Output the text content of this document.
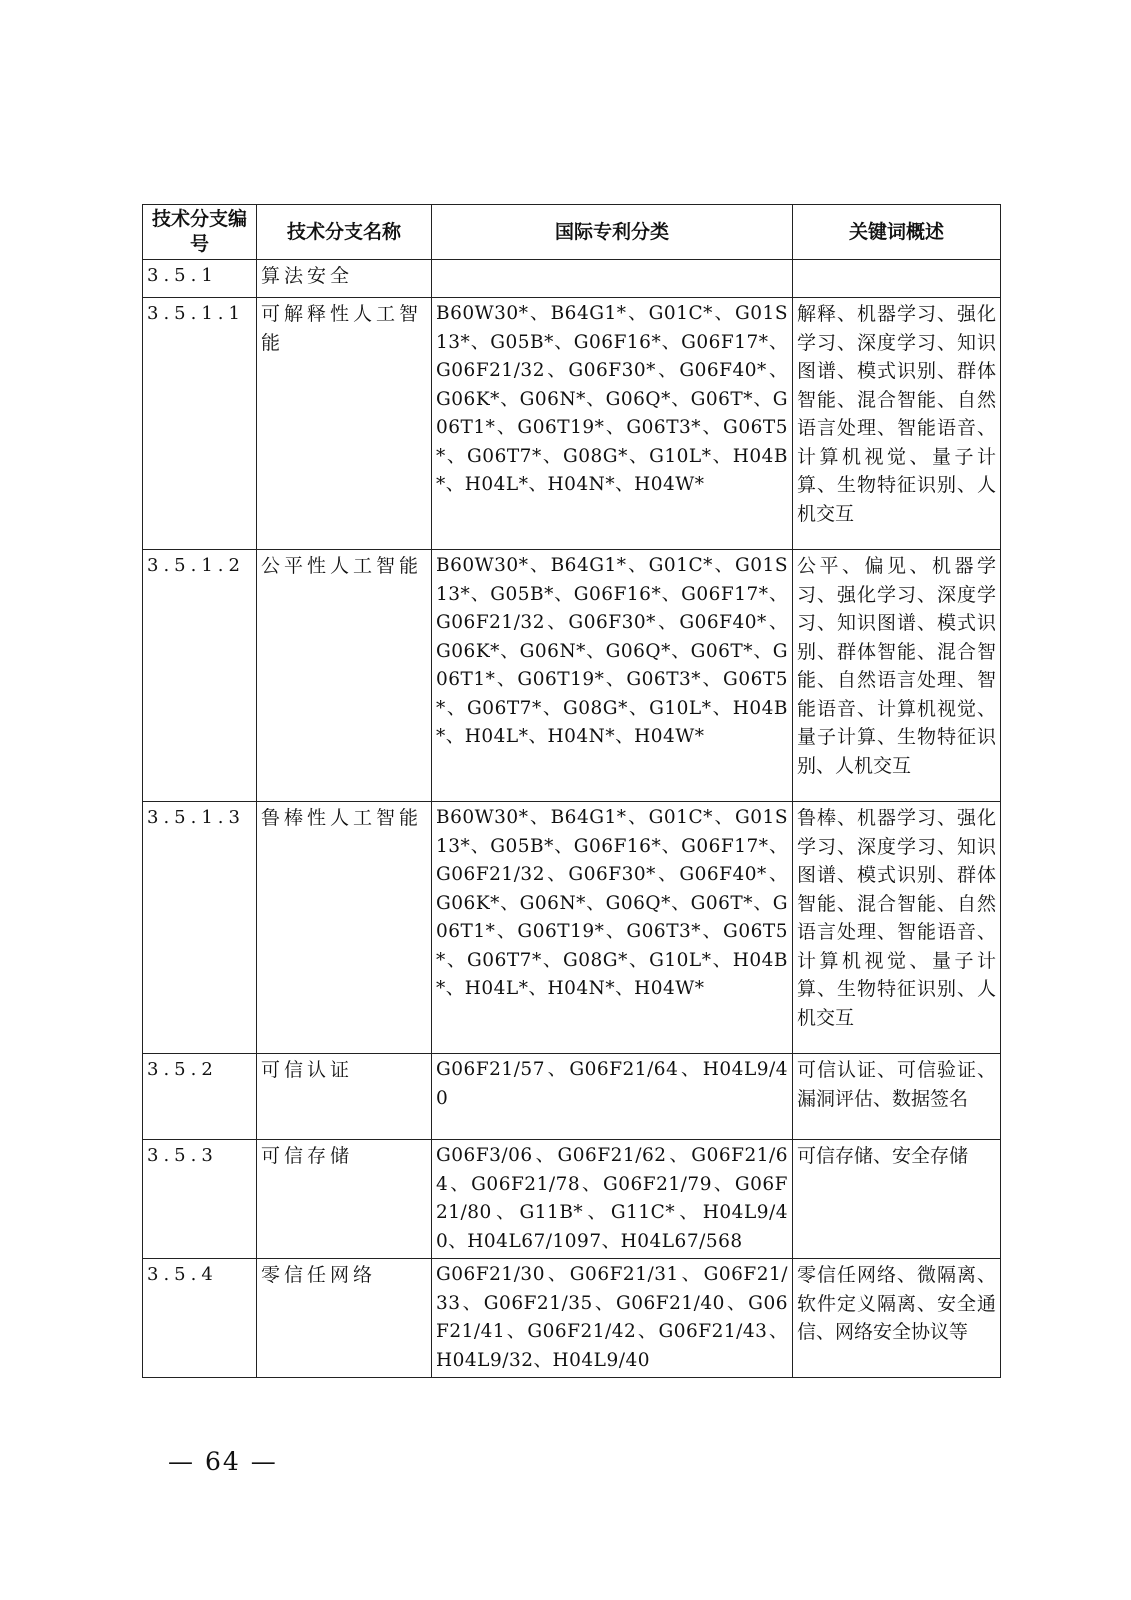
技术分支编号	技术分支名称	国际专利分类	关键词概述
3.5.1	算法安全		
3.5.1.1	可解释性人工智能	B60W30*、B64G1*、G01C*、G01S13*、G05B*、G06F16*、G06F17*、G06F21/32、G06F30*、G06F40*、G06K*、G06N*、G06Q*、G06T*、G06T1*、G06T19*、G06T3*、G06T5*、G06T7*、G08G*、G10L*、H04B*、H04L*、H04N*、H04W*	解释、机器学习、强化学习、深度学习、知识图谱、模式识别、群体智能、混合智能、自然语言处理、智能语音、计算机视觉、量子计算、生物特征识别、人机交互
3.5.1.2	公平性人工智能	B60W30*、B64G1*、G01C*、G01S13*、G05B*、G06F16*、G06F17*、G06F21/32、G06F30*、G06F40*、G06K*、G06N*、G06Q*、G06T*、G06T1*、G06T19*、G06T3*、G06T5*、G06T7*、G08G*、G10L*、H04B*、H04L*、H04N*、H04W*	公平、偏见、机器学习、强化学习、深度学习、知识图谱、模式识别、群体智能、混合智能、自然语言处理、智能语音、计算机视觉、量子计算、生物特征识别、人机交互
3.5.1.3	鲁棒性人工智能	B60W30*、B64G1*、G01C*、G01S13*、G05B*、G06F16*、G06F17*、G06F21/32、G06F30*、G06F40*、G06K*、G06N*、G06Q*、G06T*、G06T1*、G06T19*、G06T3*、G06T5*、G06T7*、G08G*、G10L*、H04B*、H04L*、H04N*、H04W*	鲁棒、机器学习、强化学习、深度学习、知识图谱、模式识别、群体智能、混合智能、自然语言处理、智能语音、计算机视觉、量子计算、生物特征识别、人机交互
3.5.2	可信认证	G06F21/57、G06F21/64、H04L9/40	可信认证、可信验证、漏洞评估、数据签名
3.5.3	可信存储	G06F3/06、G06F21/62、G06F21/64、G06F21/78、G06F21/79、G06F21/80、G11B*、G11C*、H04L9/40、H04L67/1097、H04L67/568	可信存储、安全存储
3.5.4	零信任网络	G06F21/30、G06F21/31、G06F21/33、G06F21/35、G06F21/40、G06F21/41、G06F21/42、G06F21/43、H04L9/32、H04L9/40	零信任网络、微隔离、软件定义隔离、安全通信、网络安全协议等
— 64 —
